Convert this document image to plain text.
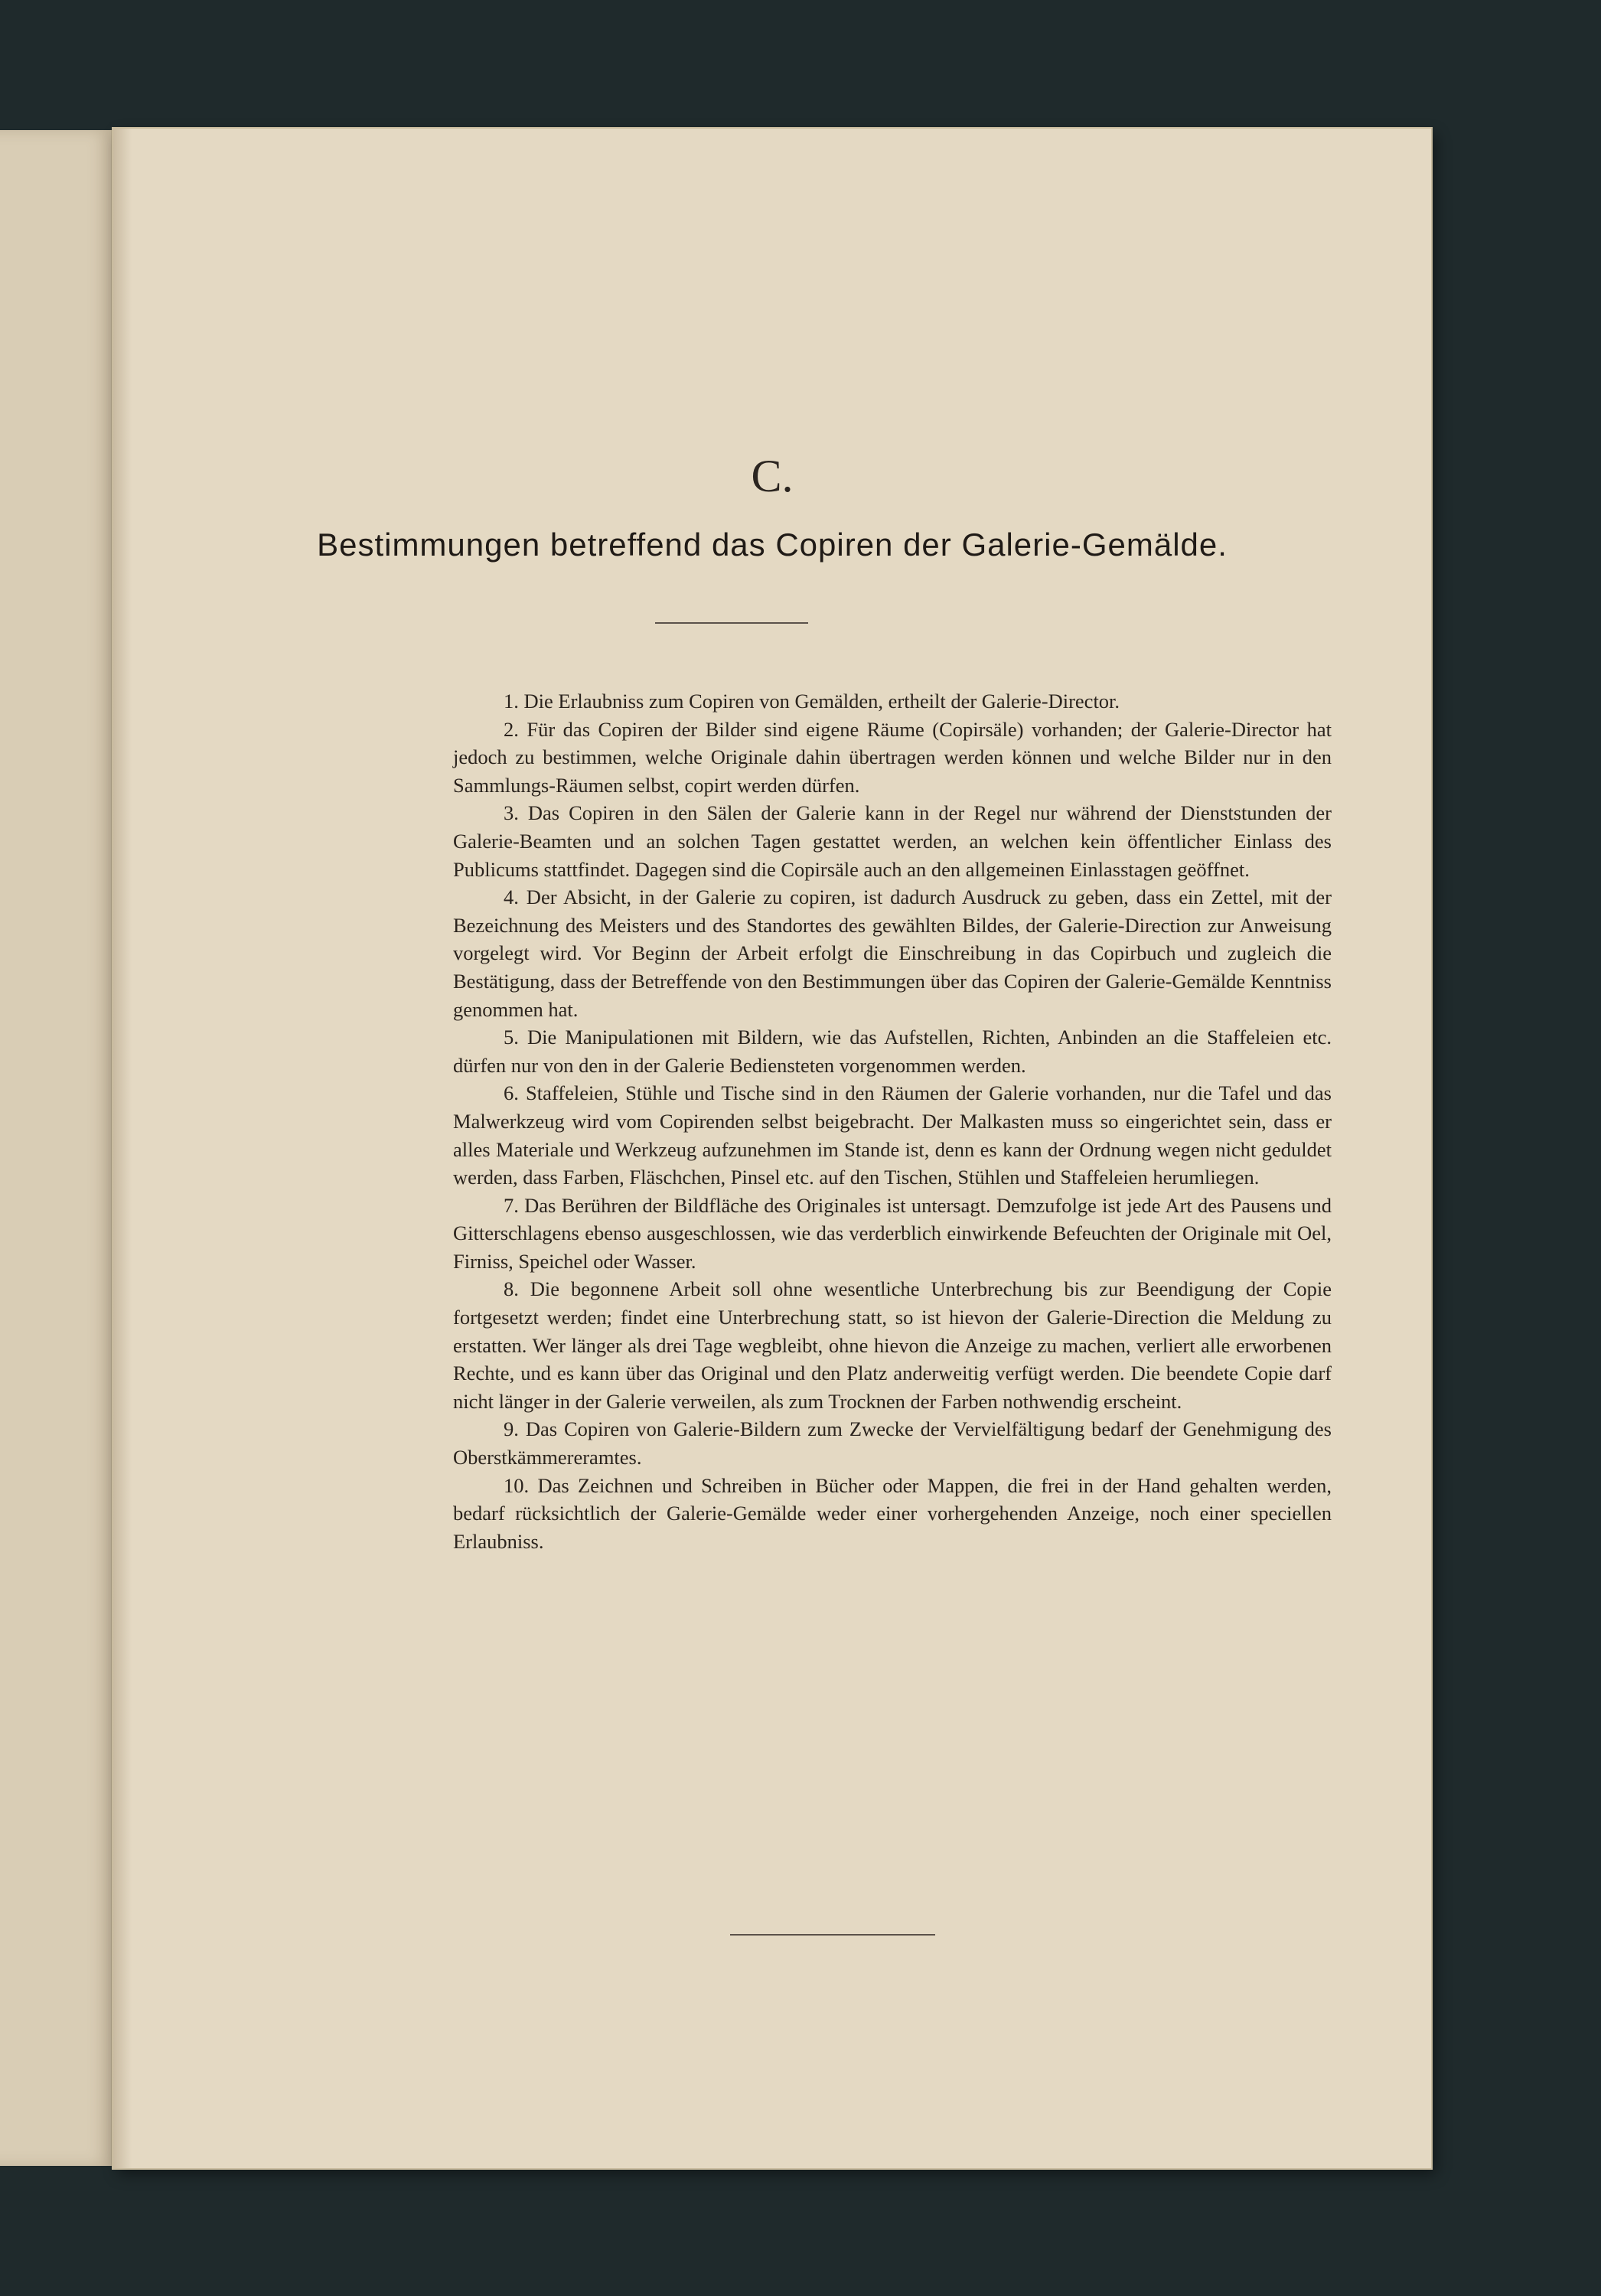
C.
Bestimmungen betreffend das Copiren der Galerie-Gemälde.

1. Die Erlaubniss zum Copiren von Gemälden, ertheilt der Galerie-Director.

2. Für das Copiren der Bilder sind eigene Räume (Copirsäle) vorhanden; der Galerie-Director hat jedoch zu bestimmen, welche Originale dahin übertragen werden können und welche Bilder nur in den Sammlungs-Räumen selbst, copirt werden dürfen.

3. Das Copiren in den Sälen der Galerie kann in der Regel nur während der Dienststunden der Galerie-Beamten und an solchen Tagen gestattet werden, an welchen kein öffentlicher Einlass des Publicums stattfindet. Dagegen sind die Copirsäle auch an den allgemeinen Einlasstagen geöffnet.

4. Der Absicht, in der Galerie zu copiren, ist dadurch Ausdruck zu geben, dass ein Zettel, mit der Bezeichnung des Meisters und des Standortes des gewählten Bildes, der Galerie-Direction zur Anweisung vorgelegt wird. Vor Beginn der Arbeit erfolgt die Einschreibung in das Copirbuch und zugleich die Bestätigung, dass der Betreffende von den Bestimmungen über das Copiren der Galerie-Gemälde Kenntniss genommen hat.

5. Die Manipulationen mit Bildern, wie das Aufstellen, Richten, Anbinden an die Staffeleien etc. dürfen nur von den in der Galerie Bediensteten vorgenommen werden.

6. Staffeleien, Stühle und Tische sind in den Räumen der Galerie vorhanden, nur die Tafel und das Malwerkzeug wird vom Copirenden selbst beigebracht. Der Malkasten muss so eingerichtet sein, dass er alles Materiale und Werkzeug aufzunehmen im Stande ist, denn es kann der Ordnung wegen nicht geduldet werden, dass Farben, Fläschchen, Pinsel etc. auf den Tischen, Stühlen und Staffeleien herumliegen.

7. Das Berühren der Bildfläche des Originales ist untersagt. Demzufolge ist jede Art des Pausens und Gitterschlagens ebenso ausgeschlossen, wie das verderblich einwirkende Befeuchten der Originale mit Oel, Firniss, Speichel oder Wasser.

8. Die begonnene Arbeit soll ohne wesentliche Unterbrechung bis zur Beendigung der Copie fortgesetzt werden; findet eine Unterbrechung statt, so ist hievon der Galerie-Direction die Meldung zu erstatten. Wer länger als drei Tage wegbleibt, ohne hievon die Anzeige zu machen, verliert alle erworbenen Rechte, und es kann über das Original und den Platz anderweitig verfügt werden. Die beendete Copie darf nicht länger in der Galerie verweilen, als zum Trocknen der Farben nothwendig erscheint.

9. Das Copiren von Galerie-Bildern zum Zwecke der Vervielfältigung bedarf der Genehmigung des Oberstkämmereramtes.

10. Das Zeichnen und Schreiben in Bücher oder Mappen, die frei in der Hand gehalten werden, bedarf rücksichtlich der Galerie-Gemälde weder einer vorhergehenden Anzeige, noch einer speciellen Erlaubniss.
